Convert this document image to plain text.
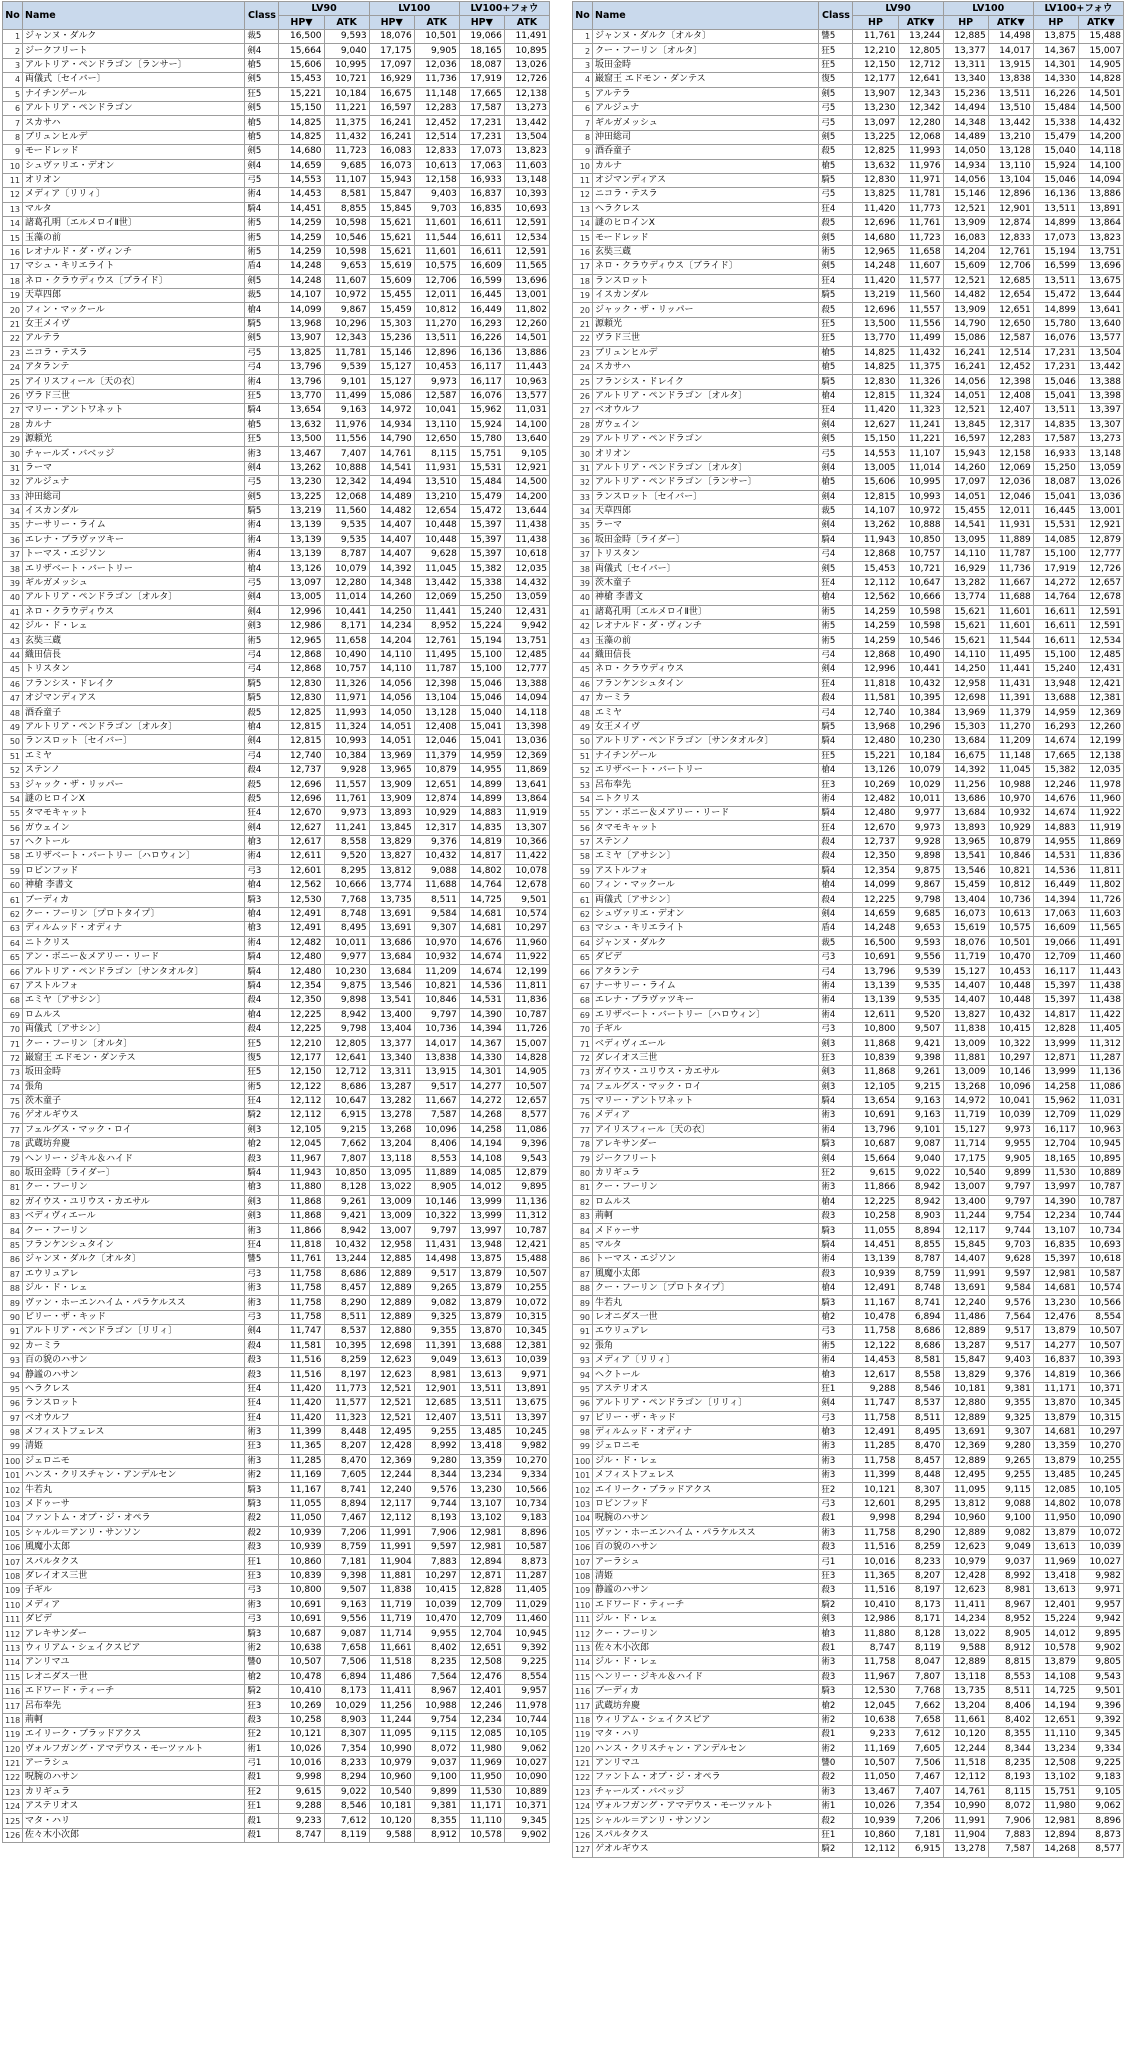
No	Name	Class	LV90		LV100		LV100+フォウ	
			HP▼	ATK	HP▼	ATK	HP▼	ATK
1	ジャンヌ・ダルク	裁5	16,500	9,593	18,076	10,501	19,066	11,491
2	ジークフリート	剣4	15,664	9,040	17,175	9,905	18,165	10,895
3	アルトリア・ペンドラゴン〔ランサー〕	槍5	15,606	10,995	17,097	12,036	18,087	13,026
4	両儀式〔セイバー〕	剣5	15,453	10,721	16,929	11,736	17,919	12,726
5	ナイチンゲール	狂5	15,221	10,184	16,675	11,148	17,665	12,138
6	アルトリア・ペンドラゴン	剣5	15,150	11,221	16,597	12,283	17,587	13,273
7	スカサハ	槍5	14,825	11,375	16,241	12,452	17,231	13,442
8	ブリュンヒルデ	槍5	14,825	11,432	16,241	12,514	17,231	13,504
9	モードレッド	剣5	14,680	11,723	16,083	12,833	17,073	13,823
10	シュヴァリエ・デオン	剣4	14,659	9,685	16,073	10,613	17,063	11,603
11	オリオン	弓5	14,553	11,107	15,943	12,158	16,933	13,148
12	メディア〔リリィ〕	術4	14,453	8,581	15,847	9,403	16,837	10,393
13	マルタ	騎4	14,451	8,855	15,845	9,703	16,835	10,693
14	諸葛孔明〔エルメロイⅡ世〕	術5	14,259	10,598	15,621	11,601	16,611	12,591
15	玉藻の前	術5	14,259	10,546	15,621	11,544	16,611	12,534
16	レオナルド・ダ・ヴィンチ	術5	14,259	10,598	15,621	11,601	16,611	12,591
17	マシュ・キリエライト	盾4	14,248	9,653	15,619	10,575	16,609	11,565
18	ネロ・クラウディウス〔ブライド〕	剣5	14,248	11,607	15,609	12,706	16,599	13,696
19	天草四郎	裁5	14,107	10,972	15,455	12,011	16,445	13,001
20	フィン・マックール	槍4	14,099	9,867	15,459	10,812	16,449	11,802
21	女王メイヴ	騎5	13,968	10,296	15,303	11,270	16,293	12,260
22	アルテラ	剣5	13,907	12,343	15,236	13,511	16,226	14,501
23	ニコラ・テスラ	弓5	13,825	11,781	15,146	12,896	16,136	13,886
24	アタランテ	弓4	13,796	9,539	15,127	10,453	16,117	11,443
25	アイリスフィール〔天の衣〕	術4	13,796	9,101	15,127	9,973	16,117	10,963
26	ヴラド三世	狂5	13,770	11,499	15,086	12,587	16,076	13,577
27	マリー・アントワネット	騎4	13,654	9,163	14,972	10,041	15,962	11,031
28	カルナ	槍5	13,632	11,976	14,934	13,110	15,924	14,100
29	源頼光	狂5	13,500	11,556	14,790	12,650	15,780	13,640
30	チャールズ・バベッジ	術3	13,467	7,407	14,761	8,115	15,751	9,105
31	ラーマ	剣4	13,262	10,888	14,541	11,931	15,531	12,921
32	アルジュナ	弓5	13,230	12,342	14,494	13,510	15,484	14,500
33	沖田総司	剣5	13,225	12,068	14,489	13,210	15,479	14,200
34	イスカンダル	騎5	13,219	11,560	14,482	12,654	15,472	13,644
35	ナーサリー・ライム	術4	13,139	9,535	14,407	10,448	15,397	11,438
36	エレナ・ブラヴァツキー	術4	13,139	9,535	14,407	10,448	15,397	11,438
37	トーマス・エジソン	術4	13,139	8,787	14,407	9,628	15,397	10,618
38	エリザベート・バートリー	槍4	13,126	10,079	14,392	11,045	15,382	12,035
39	ギルガメッシュ	弓5	13,097	12,280	14,348	13,442	15,338	14,432
40	アルトリア・ペンドラゴン〔オルタ〕	剣4	13,005	11,014	14,260	12,069	15,250	13,059
41	ネロ・クラウディウス	剣4	12,996	10,441	14,250	11,441	15,240	12,431
42	ジル・ド・レェ	剣3	12,986	8,171	14,234	8,952	15,224	9,942
43	玄奘三蔵	術5	12,965	11,658	14,204	12,761	15,194	13,751
44	織田信長	弓4	12,868	10,490	14,110	11,495	15,100	12,485
45	トリスタン	弓4	12,868	10,757	14,110	11,787	15,100	12,777
46	フランシス・ドレイク	騎5	12,830	11,326	14,056	12,398	15,046	13,388
47	オジマンディアス	騎5	12,830	11,971	14,056	13,104	15,046	14,094
48	酒呑童子	殺5	12,825	11,993	14,050	13,128	15,040	14,118
49	アルトリア・ペンドラゴン〔オルタ〕	槍4	12,815	11,324	14,051	12,408	15,041	13,398
50	ランスロット〔セイバー〕	剣4	12,815	10,993	14,051	12,046	15,041	13,036
51	エミヤ	弓4	12,740	10,384	13,969	11,379	14,959	12,369
52	ステンノ	殺4	12,737	9,928	13,965	10,879	14,955	11,869
53	ジャック・ザ・リッパー	殺5	12,696	11,557	13,909	12,651	14,899	13,641
54	謎のヒロインX	殺5	12,696	11,761	13,909	12,874	14,899	13,864
55	タマモキャット	狂4	12,670	9,973	13,893	10,929	14,883	11,919
56	ガウェイン	剣4	12,627	11,241	13,845	12,317	14,835	13,307
57	ヘクトール	槍3	12,617	8,558	13,829	9,376	14,819	10,366
58	エリザベート・バートリー〔ハロウィン〕	術4	12,611	9,520	13,827	10,432	14,817	11,422
59	ロビンフッド	弓3	12,601	8,295	13,812	9,088	14,802	10,078
60	神槍 李書文	槍4	12,562	10,666	13,774	11,688	14,764	12,678
61	ブーディカ	騎3	12,530	7,768	13,735	8,511	14,725	9,501
62	クー・フーリン〔プロトタイプ〕	槍4	12,491	8,748	13,691	9,584	14,681	10,574
63	ディルムッド・オディナ	槍3	12,491	8,495	13,691	9,307	14,681	10,297
64	ニトクリス	術4	12,482	10,011	13,686	10,970	14,676	11,960
65	アン・ボニー＆メアリー・リード	騎4	12,480	9,977	13,684	10,932	14,674	11,922
66	アルトリア・ペンドラゴン〔サンタオルタ〕	騎4	12,480	10,230	13,684	11,209	14,674	12,199
67	アストルフォ	騎4	12,354	9,875	13,546	10,821	14,536	11,811
68	エミヤ〔アサシン〕	殺4	12,350	9,898	13,541	10,846	14,531	11,836
69	ロムルス	槍4	12,225	8,942	13,400	9,797	14,390	10,787
70	両儀式〔アサシン〕	殺4	12,225	9,798	13,404	10,736	14,394	11,726
71	クー・フーリン〔オルタ〕	狂5	12,210	12,805	13,377	14,017	14,367	15,007
72	巌窟王 エドモン・ダンテス	復5	12,177	12,641	13,340	13,838	14,330	14,828
73	坂田金時	狂5	12,150	12,712	13,311	13,915	14,301	14,905
74	張角	術5	12,122	8,686	13,287	9,517	14,277	10,507
75	茨木童子	狂4	12,112	10,647	13,282	11,667	14,272	12,657
76	ゲオルギウス	騎2	12,112	6,915	13,278	7,587	14,268	8,577
77	フェルグス・マック・ロイ	剣3	12,105	9,215	13,268	10,096	14,258	11,086
78	武蔵坊弁慶	槍2	12,045	7,662	13,204	8,406	14,194	9,396
79	ヘンリー・ジキル＆ハイド	殺3	11,967	7,807	13,118	8,553	14,108	9,543
80	坂田金時〔ライダー〕	騎4	11,943	10,850	13,095	11,889	14,085	12,879
81	クー・フーリン	槍3	11,880	8,128	13,022	8,905	14,012	9,895
82	ガイウス・ユリウス・カエサル	剣3	11,868	9,261	13,009	10,146	13,999	11,136
83	ベディヴィエール	剣3	11,868	9,421	13,009	10,322	13,999	11,312
84	クー・フーリン	術3	11,866	8,942	13,007	9,797	13,997	10,787
85	フランケンシュタイン	狂4	11,818	10,432	12,958	11,431	13,948	12,421
86	ジャンヌ・ダルク〔オルタ〕	讐5	11,761	13,244	12,885	14,498	13,875	15,488
87	エウリュアレ	弓3	11,758	8,686	12,889	9,517	13,879	10,507
88	ジル・ド・レェ	術3	11,758	8,457	12,889	9,265	13,879	10,255
89	ヴァン・ホーエンハイム・パラケルスス	術3	11,758	8,290	12,889	9,082	13,879	10,072
90	ビリー・ザ・キッド	弓3	11,758	8,511	12,889	9,325	13,879	10,315
91	アルトリア・ペンドラゴン〔リリィ〕	剣4	11,747	8,537	12,880	9,355	13,870	10,345
92	カーミラ	殺4	11,581	10,395	12,698	11,391	13,688	12,381
93	百の貌のハサン	殺3	11,516	8,259	12,623	9,049	13,613	10,039
94	静謐のハサン	殺3	11,516	8,197	12,623	8,981	13,613	9,971
95	ヘラクレス	狂4	11,420	11,773	12,521	12,901	13,511	13,891
96	ランスロット	狂4	11,420	11,577	12,521	12,685	13,511	13,675
97	ベオウルフ	狂4	11,420	11,323	12,521	12,407	13,511	13,397
98	メフィストフェレス	術3	11,399	8,448	12,495	9,255	13,485	10,245
99	清姫	狂3	11,365	8,207	12,428	8,992	13,418	9,982
100	ジェロニモ	術3	11,285	8,470	12,369	9,280	13,359	10,270
101	ハンス・クリスチャン・アンデルセン	術2	11,169	7,605	12,244	8,344	13,234	9,334
102	牛若丸	騎3	11,167	8,741	12,240	9,576	13,230	10,566
103	メドゥーサ	騎3	11,055	8,894	12,117	9,744	13,107	10,734
104	ファントム・オブ・ジ・オペラ	殺2	11,050	7,467	12,112	8,193	13,102	9,183
105	シャルル＝アンリ・サンソン	殺2	10,939	7,206	11,991	7,906	12,981	8,896
106	風魔小太郎	殺3	10,939	8,759	11,991	9,597	12,981	10,587
107	スパルタクス	狂1	10,860	7,181	11,904	7,883	12,894	8,873
108	ダレイオス三世	狂3	10,839	9,398	11,881	10,297	12,871	11,287
109	子ギル	弓3	10,800	9,507	11,838	10,415	12,828	11,405
110	メディア	術3	10,691	9,163	11,719	10,039	12,709	11,029
111	ダビデ	弓3	10,691	9,556	11,719	10,470	12,709	11,460
112	アレキサンダー	騎3	10,687	9,087	11,714	9,955	12,704	10,945
113	ウィリアム・シェイクスピア	術2	10,638	7,658	11,661	8,402	12,651	9,392
114	アンリマユ	讐0	10,507	7,506	11,518	8,235	12,508	9,225
115	レオニダス一世	槍2	10,478	6,894	11,486	7,564	12,476	8,554
116	エドワード・ティーチ	騎2	10,410	8,173	11,411	8,967	12,401	9,957
117	呂布奉先	狂3	10,269	10,029	11,256	10,988	12,246	11,978
118	荊軻	殺3	10,258	8,903	11,244	9,754	12,234	10,744
119	エイリーク・ブラッドアクス	狂2	10,121	8,307	11,095	9,115	12,085	10,105
120	ヴォルフガング・アマデウス・モーツァルト	術1	10,026	7,354	10,990	8,072	11,980	9,062
121	アーラシュ	弓1	10,016	8,233	10,979	9,037	11,969	10,027
122	呪腕のハサン	殺1	9,998	8,294	10,960	9,100	11,950	10,090
123	カリギュラ	狂2	9,615	9,022	10,540	9,899	11,530	10,889
124	アステリオス	狂1	9,288	8,546	10,181	9,381	11,171	10,371
125	マタ・ハリ	殺1	9,233	7,612	10,120	8,355	11,110	9,345
126	佐々木小次郎	殺1	8,747	8,119	9,588	8,912	10,578	9,902
No	Name	Class	LV90		LV100		LV100+フォウ	
			HP	ATK▼	HP	ATK▼	HP	ATK▼
1	ジャンヌ・ダルク〔オルタ〕	讐5	11,761	13,244	12,885	14,498	13,875	15,488
2	クー・フーリン〔オルタ〕	狂5	12,210	12,805	13,377	14,017	14,367	15,007
3	坂田金時	狂5	12,150	12,712	13,311	13,915	14,301	14,905
4	巌窟王 エドモン・ダンテス	復5	12,177	12,641	13,340	13,838	14,330	14,828
5	アルテラ	剣5	13,907	12,343	15,236	13,511	16,226	14,501
6	アルジュナ	弓5	13,230	12,342	14,494	13,510	15,484	14,500
7	ギルガメッシュ	弓5	13,097	12,280	14,348	13,442	15,338	14,432
8	沖田総司	剣5	13,225	12,068	14,489	13,210	15,479	14,200
9	酒呑童子	殺5	12,825	11,993	14,050	13,128	15,040	14,118
10	カルナ	槍5	13,632	11,976	14,934	13,110	15,924	14,100
11	オジマンディアス	騎5	12,830	11,971	14,056	13,104	15,046	14,094
12	ニコラ・テスラ	弓5	13,825	11,781	15,146	12,896	16,136	13,886
13	ヘラクレス	狂4	11,420	11,773	12,521	12,901	13,511	13,891
14	謎のヒロインX	殺5	12,696	11,761	13,909	12,874	14,899	13,864
15	モードレッド	剣5	14,680	11,723	16,083	12,833	17,073	13,823
16	玄奘三蔵	術5	12,965	11,658	14,204	12,761	15,194	13,751
17	ネロ・クラウディウス〔ブライド〕	剣5	14,248	11,607	15,609	12,706	16,599	13,696
18	ランスロット	狂4	11,420	11,577	12,521	12,685	13,511	13,675
19	イスカンダル	騎5	13,219	11,560	14,482	12,654	15,472	13,644
20	ジャック・ザ・リッパー	殺5	12,696	11,557	13,909	12,651	14,899	13,641
21	源頼光	狂5	13,500	11,556	14,790	12,650	15,780	13,640
22	ヴラド三世	狂5	13,770	11,499	15,086	12,587	16,076	13,577
23	ブリュンヒルデ	槍5	14,825	11,432	16,241	12,514	17,231	13,504
24	スカサハ	槍5	14,825	11,375	16,241	12,452	17,231	13,442
25	フランシス・ドレイク	騎5	12,830	11,326	14,056	12,398	15,046	13,388
26	アルトリア・ペンドラゴン〔オルタ〕	槍4	12,815	11,324	14,051	12,408	15,041	13,398
27	ベオウルフ	狂4	11,420	11,323	12,521	12,407	13,511	13,397
28	ガウェイン	剣4	12,627	11,241	13,845	12,317	14,835	13,307
29	アルトリア・ペンドラゴン	剣5	15,150	11,221	16,597	12,283	17,587	13,273
30	オリオン	弓5	14,553	11,107	15,943	12,158	16,933	13,148
31	アルトリア・ペンドラゴン〔オルタ〕	剣4	13,005	11,014	14,260	12,069	15,250	13,059
32	アルトリア・ペンドラゴン〔ランサー〕	槍5	15,606	10,995	17,097	12,036	18,087	13,026
33	ランスロット〔セイバー〕	剣4	12,815	10,993	14,051	12,046	15,041	13,036
34	天草四郎	裁5	14,107	10,972	15,455	12,011	16,445	13,001
35	ラーマ	剣4	13,262	10,888	14,541	11,931	15,531	12,921
36	坂田金時〔ライダー〕	騎4	11,943	10,850	13,095	11,889	14,085	12,879
37	トリスタン	弓4	12,868	10,757	14,110	11,787	15,100	12,777
38	両儀式〔セイバー〕	剣5	15,453	10,721	16,929	11,736	17,919	12,726
39	茨木童子	狂4	12,112	10,647	13,282	11,667	14,272	12,657
40	神槍 李書文	槍4	12,562	10,666	13,774	11,688	14,764	12,678
41	諸葛孔明〔エルメロイⅡ世〕	術5	14,259	10,598	15,621	11,601	16,611	12,591
42	レオナルド・ダ・ヴィンチ	術5	14,259	10,598	15,621	11,601	16,611	12,591
43	玉藻の前	術5	14,259	10,546	15,621	11,544	16,611	12,534
44	織田信長	弓4	12,868	10,490	14,110	11,495	15,100	12,485
45	ネロ・クラウディウス	剣4	12,996	10,441	14,250	11,441	15,240	12,431
46	フランケンシュタイン	狂4	11,818	10,432	12,958	11,431	13,948	12,421
47	カーミラ	殺4	11,581	10,395	12,698	11,391	13,688	12,381
48	エミヤ	弓4	12,740	10,384	13,969	11,379	14,959	12,369
49	女王メイヴ	騎5	13,968	10,296	15,303	11,270	16,293	12,260
50	アルトリア・ペンドラゴン〔サンタオルタ〕	騎4	12,480	10,230	13,684	11,209	14,674	12,199
51	ナイチンゲール	狂5	15,221	10,184	16,675	11,148	17,665	12,138
52	エリザベート・バートリー	槍4	13,126	10,079	14,392	11,045	15,382	12,035
53	呂布奉先	狂3	10,269	10,029	11,256	10,988	12,246	11,978
54	ニトクリス	術4	12,482	10,011	13,686	10,970	14,676	11,960
55	アン・ボニー＆メアリー・リード	騎4	12,480	9,977	13,684	10,932	14,674	11,922
56	タマモキャット	狂4	12,670	9,973	13,893	10,929	14,883	11,919
57	ステンノ	殺4	12,737	9,928	13,965	10,879	14,955	11,869
58	エミヤ〔アサシン〕	殺4	12,350	9,898	13,541	10,846	14,531	11,836
59	アストルフォ	騎4	12,354	9,875	13,546	10,821	14,536	11,811
60	フィン・マックール	槍4	14,099	9,867	15,459	10,812	16,449	11,802
61	両儀式〔アサシン〕	殺4	12,225	9,798	13,404	10,736	14,394	11,726
62	シュヴァリエ・デオン	剣4	14,659	9,685	16,073	10,613	17,063	11,603
63	マシュ・キリエライト	盾4	14,248	9,653	15,619	10,575	16,609	11,565
64	ジャンヌ・ダルク	裁5	16,500	9,593	18,076	10,501	19,066	11,491
65	ダビデ	弓3	10,691	9,556	11,719	10,470	12,709	11,460
66	アタランテ	弓4	13,796	9,539	15,127	10,453	16,117	11,443
67	ナーサリー・ライム	術4	13,139	9,535	14,407	10,448	15,397	11,438
68	エレナ・ブラヴァツキー	術4	13,139	9,535	14,407	10,448	15,397	11,438
69	エリザベート・バートリー〔ハロウィン〕	術4	12,611	9,520	13,827	10,432	14,817	11,422
70	子ギル	弓3	10,800	9,507	11,838	10,415	12,828	11,405
71	ベディヴィエール	剣3	11,868	9,421	13,009	10,322	13,999	11,312
72	ダレイオス三世	狂3	10,839	9,398	11,881	10,297	12,871	11,287
73	ガイウス・ユリウス・カエサル	剣3	11,868	9,261	13,009	10,146	13,999	11,136
74	フェルグス・マック・ロイ	剣3	12,105	9,215	13,268	10,096	14,258	11,086
75	マリー・アントワネット	騎4	13,654	9,163	14,972	10,041	15,962	11,031
76	メディア	術3	10,691	9,163	11,719	10,039	12,709	11,029
77	アイリスフィール〔天の衣〕	術4	13,796	9,101	15,127	9,973	16,117	10,963
78	アレキサンダー	騎3	10,687	9,087	11,714	9,955	12,704	10,945
79	ジークフリート	剣4	15,664	9,040	17,175	9,905	18,165	10,895
80	カリギュラ	狂2	9,615	9,022	10,540	9,899	11,530	10,889
81	クー・フーリン	術3	11,866	8,942	13,007	9,797	13,997	10,787
82	ロムルス	槍4	12,225	8,942	13,400	9,797	14,390	10,787
83	荊軻	殺3	10,258	8,903	11,244	9,754	12,234	10,744
84	メドゥーサ	騎3	11,055	8,894	12,117	9,744	13,107	10,734
85	マルタ	騎4	14,451	8,855	15,845	9,703	16,835	10,693
86	トーマス・エジソン	術4	13,139	8,787	14,407	9,628	15,397	10,618
87	風魔小太郎	殺3	10,939	8,759	11,991	9,597	12,981	10,587
88	クー・フーリン〔プロトタイプ〕	槍4	12,491	8,748	13,691	9,584	14,681	10,574
89	牛若丸	騎3	11,167	8,741	12,240	9,576	13,230	10,566
90	レオニダス一世	槍2	10,478	6,894	11,486	7,564	12,476	8,554
91	エウリュアレ	弓3	11,758	8,686	12,889	9,517	13,879	10,507
92	張角	術5	12,122	8,686	13,287	9,517	14,277	10,507
93	メディア〔リリィ〕	術4	14,453	8,581	15,847	9,403	16,837	10,393
94	ヘクトール	槍3	12,617	8,558	13,829	9,376	14,819	10,366
95	アステリオス	狂1	9,288	8,546	10,181	9,381	11,171	10,371
96	アルトリア・ペンドラゴン〔リリィ〕	剣4	11,747	8,537	12,880	9,355	13,870	10,345
97	ビリー・ザ・キッド	弓3	11,758	8,511	12,889	9,325	13,879	10,315
98	ディルムッド・オディナ	槍3	12,491	8,495	13,691	9,307	14,681	10,297
99	ジェロニモ	術3	11,285	8,470	12,369	9,280	13,359	10,270
100	ジル・ド・レェ	術3	11,758	8,457	12,889	9,265	13,879	10,255
101	メフィストフェレス	術3	11,399	8,448	12,495	9,255	13,485	10,245
102	エイリーク・ブラッドアクス	狂2	10,121	8,307	11,095	9,115	12,085	10,105
103	ロビンフッド	弓3	12,601	8,295	13,812	9,088	14,802	10,078
104	呪腕のハサン	殺1	9,998	8,294	10,960	9,100	11,950	10,090
105	ヴァン・ホーエンハイム・パラケルスス	術3	11,758	8,290	12,889	9,082	13,879	10,072
106	百の貌のハサン	殺3	11,516	8,259	12,623	9,049	13,613	10,039
107	アーラシュ	弓1	10,016	8,233	10,979	9,037	11,969	10,027
108	清姫	狂3	11,365	8,207	12,428	8,992	13,418	9,982
109	静謐のハサン	殺3	11,516	8,197	12,623	8,981	13,613	9,971
110	エドワード・ティーチ	騎2	10,410	8,173	11,411	8,967	12,401	9,957
111	ジル・ド・レェ	剣3	12,986	8,171	14,234	8,952	15,224	9,942
112	クー・フーリン	槍3	11,880	8,128	13,022	8,905	14,012	9,895
113	佐々木小次郎	殺1	8,747	8,119	9,588	8,912	10,578	9,902
114	ジル・ド・レェ	術3	11,758	8,047	12,889	8,815	13,879	9,805
115	ヘンリー・ジキル＆ハイド	殺3	11,967	7,807	13,118	8,553	14,108	9,543
116	ブーディカ	騎3	12,530	7,768	13,735	8,511	14,725	9,501
117	武蔵坊弁慶	槍2	12,045	7,662	13,204	8,406	14,194	9,396
118	ウィリアム・シェイクスピア	術2	10,638	7,658	11,661	8,402	12,651	9,392
119	マタ・ハリ	殺1	9,233	7,612	10,120	8,355	11,110	9,345
120	ハンス・クリスチャン・アンデルセン	術2	11,169	7,605	12,244	8,344	13,234	9,334
121	アンリマユ	讐0	10,507	7,506	11,518	8,235	12,508	9,225
122	ファントム・オブ・ジ・オペラ	殺2	11,050	7,467	12,112	8,193	13,102	9,183
123	チャールズ・バベッジ	術3	13,467	7,407	14,761	8,115	15,751	9,105
124	ヴォルフガング・アマデウス・モーツァルト	術1	10,026	7,354	10,990	8,072	11,980	9,062
125	シャルル＝アンリ・サンソン	殺2	10,939	7,206	11,991	7,906	12,981	8,896
126	スパルタクス	狂1	10,860	7,181	11,904	7,883	12,894	8,873
127	ゲオルギウス	騎2	12,112	6,915	13,278	7,587	14,268	8,577
